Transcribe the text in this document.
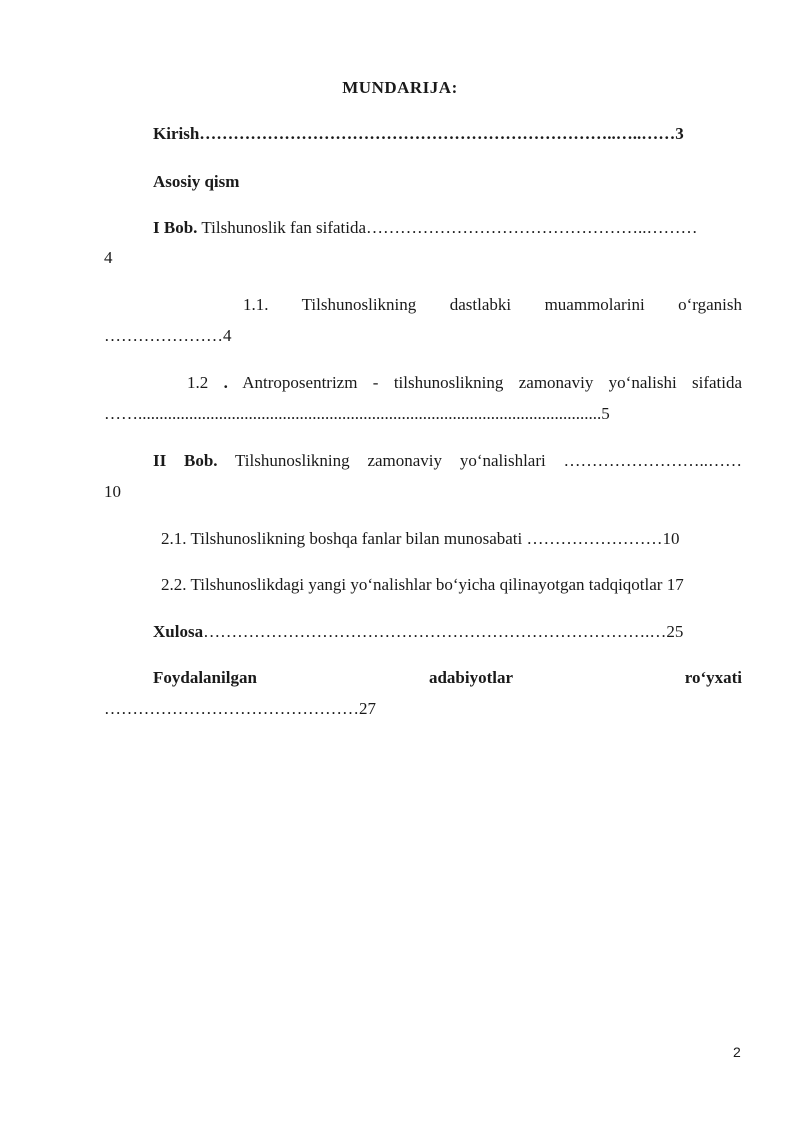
MUNDARIJA:
Kirish………………………………………………………………..…..……3
Asosiy qism
I Bob. Tilshunoslik fan sifatida…………………………………………..………
4
1.1. Tilshunoslikning dastlabki muammolarini o‘rganish
…………………4
1.2 . Antroposentrizm - tilshunoslikning zamonaviy yo‘nalishi sifatida
…….............................................................................................................5
II Bob. Tilshunoslikning zamonaviy yo‘nalishlari ……………………..……
10
2.1. Tilshunoslikning boshqa fanlar bilan munosabati ……………………10
2.2. Tilshunoslikdagi yangi yo‘nalishlar bo‘yicha qilinayotgan tadqiqotlar 17
Xulosa…………………………………………………………………….…25
Foydalanilgan	adabiyotlar	ro‘yxati
………………………………………27
2
